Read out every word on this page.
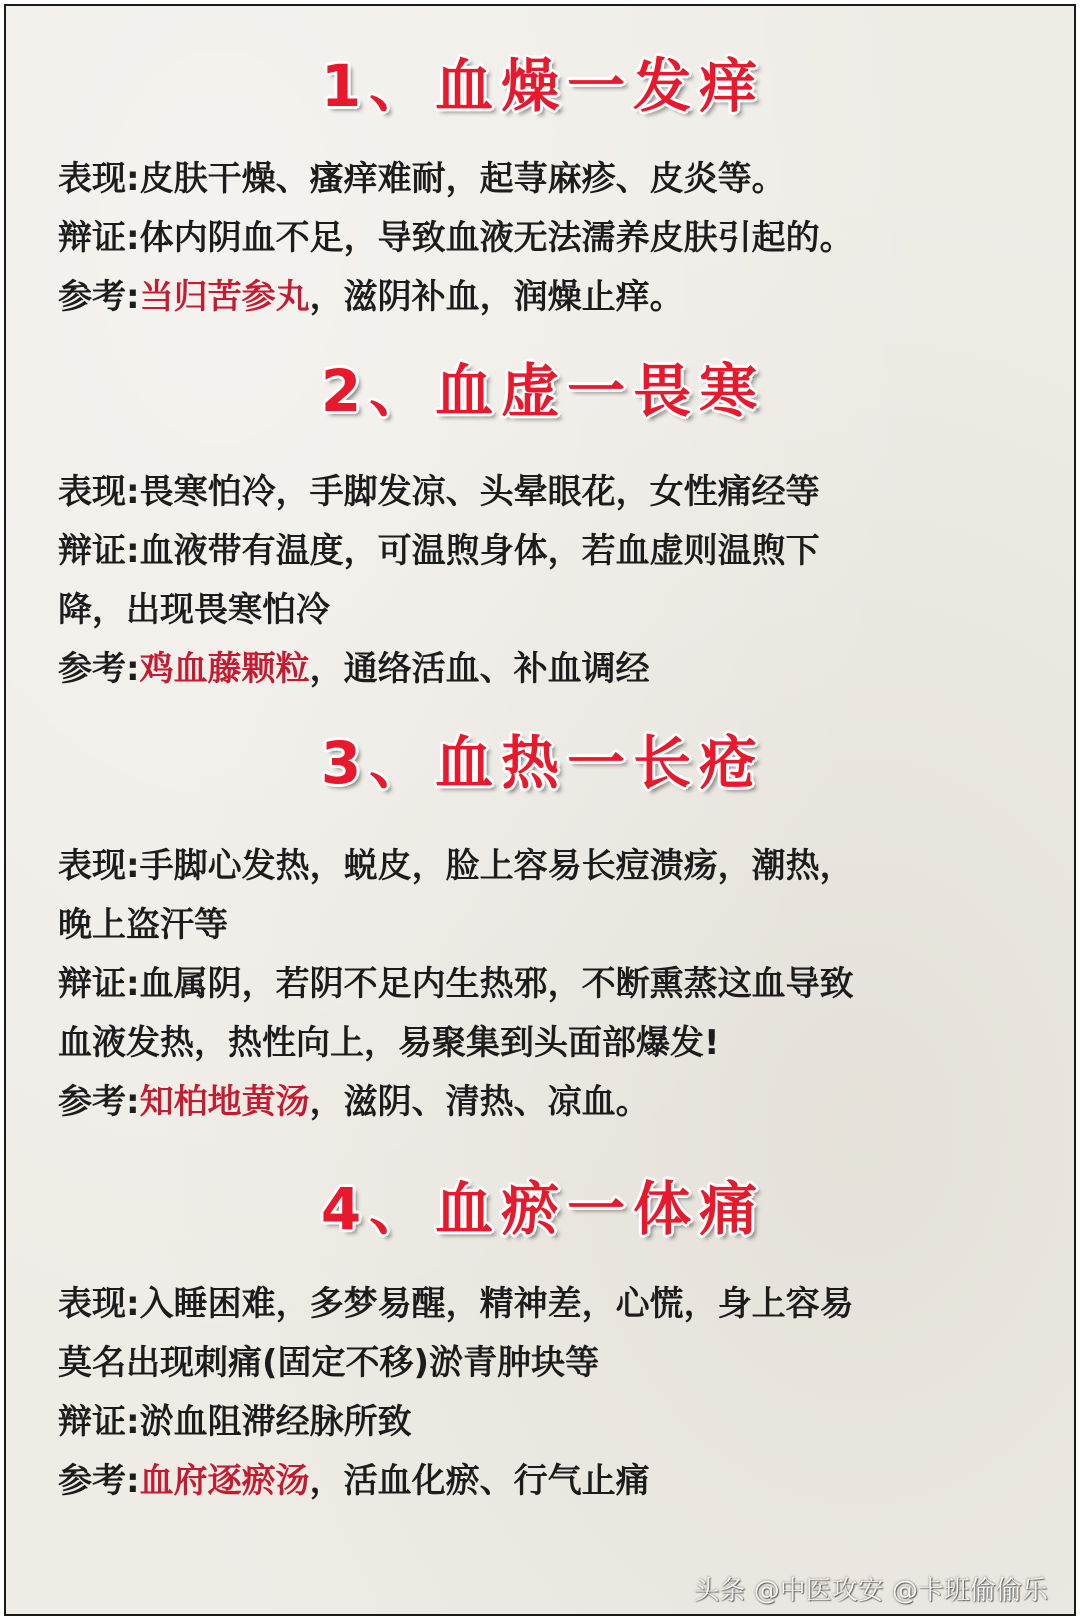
1、血燥一发痒
表现:皮肤干燥、瘙痒难耐，起荨麻疹、皮炎等。
辩证:体内阴血不足，导致血液无法濡养皮肤引起的。
参考:当归苦参丸，滋阴补血，润燥止痒。
2、血虚一畏寒
表现:畏寒怕冷，手脚发凉、头晕眼花，女性痛经等
辩证:血液带有温度，可温煦身体，若血虚则温煦下
降，出现畏寒怕冷
参考:鸡血藤颗粒，通络活血、补血调经
3、血热一长疮
表现:手脚心发热，蜕皮，脸上容易长痘溃疡，潮热，
晚上盗汗等
辩证:血属阴，若阴不足内生热邪，不断熏蒸这血导致
血液发热，热性向上，易聚集到头面部爆发!
参考:知柏地黄汤，滋阴、清热、凉血。
4、血瘀一体痛
表现:入睡困难，多梦易醒，精神差，心慌，身上容易
莫名出现刺痛(固定不移)淤青肿块等
辩证:淤血阻滞经脉所致
参考:血府逐瘀汤，活血化瘀、行气止痛
头条 @中医攻安 @卡班偷偷乐
